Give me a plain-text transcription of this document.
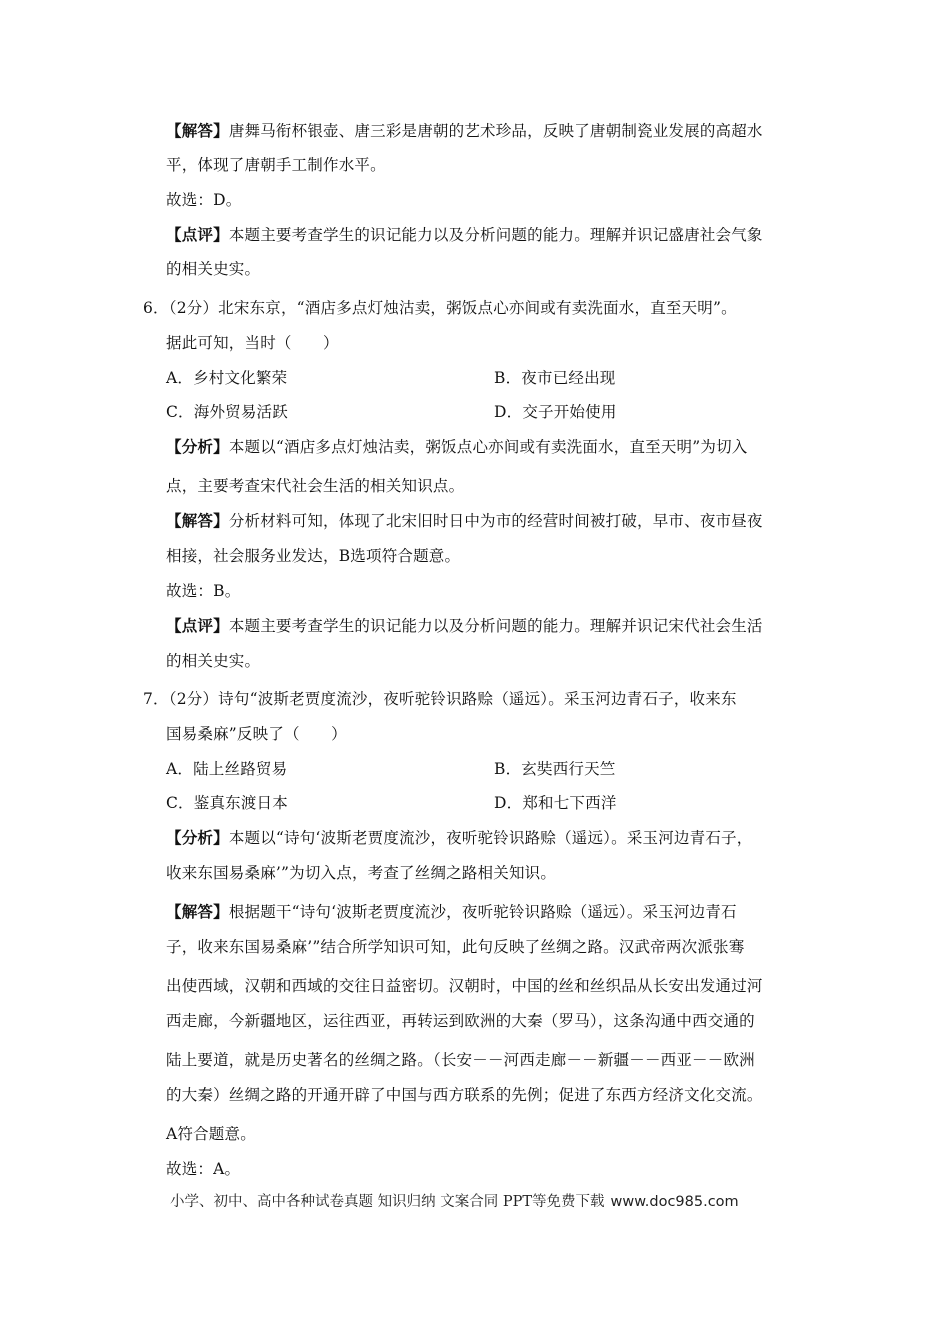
【解答】唐舞马衔杯银壶、唐三彩是唐朝的艺术珍品，反映了唐朝制瓷业发展的高超水
平，体现了唐朝手工制作水平。
故选：D。
【点评】本题主要考查学生的识记能力以及分析问题的能力。理解并识记盛唐社会气象
的相关史实。
6．（2分）北宋东京，“酒店多点灯烛沽卖，粥饭点心亦间或有卖洗面水，直至天明”。
据此可知，当时（　　）
A．乡村文化繁荣	B．夜市已经出现
C．海外贸易活跃	D．交子开始使用
【分析】本题以“酒店多点灯烛沽卖，粥饭点心亦间或有卖洗面水，直至天明”为切入
点，主要考查宋代社会生活的相关知识点。
【解答】分析材料可知，体现了北宋旧时日中为市的经营时间被打破，早市、夜市昼夜
相接，社会服务业发达，B选项符合题意。
故选：B。
【点评】本题主要考查学生的识记能力以及分析问题的能力。理解并识记宋代社会生活
的相关史实。
7．（2分）诗句“波斯老贾度流沙，夜听驼铃识路赊（遥远）。采玉河边青石子，收来东
国易桑麻”反映了（　　）
A．陆上丝路贸易	B．玄奘西行天竺
C．鉴真东渡日本	D．郑和七下西洋
【分析】本题以“诗句‘波斯老贾度流沙，夜听驼铃识路赊（遥远）。采玉河边青石子，
收来东国易桑麻’”为切入点，考查了丝绸之路相关知识。
【解答】根据题干“诗句‘波斯老贾度流沙，夜听驼铃识路赊（遥远）。采玉河边青石
子，收来东国易桑麻’”结合所学知识可知，此句反映了丝绸之路。汉武帝两次派张骞
出使西域，汉朝和西域的交往日益密切。汉朝时，中国的丝和丝织品从长安出发通过河
西走廊，今新疆地区，运往西亚，再转运到欧洲的大秦（罗马），这条沟通中西交通的
陆上要道，就是历史著名的丝绸之路。（长安－－河西走廊－－新疆－－西亚－－欧洲
的大秦）丝绸之路的开通开辟了中国与西方联系的先例；促进了东西方经济文化交流。
A符合题意。
故选：A。
小学、初中、高中各种试卷真题 知识归纳 文案合同 PPT等免费下载 www.doc985.com
